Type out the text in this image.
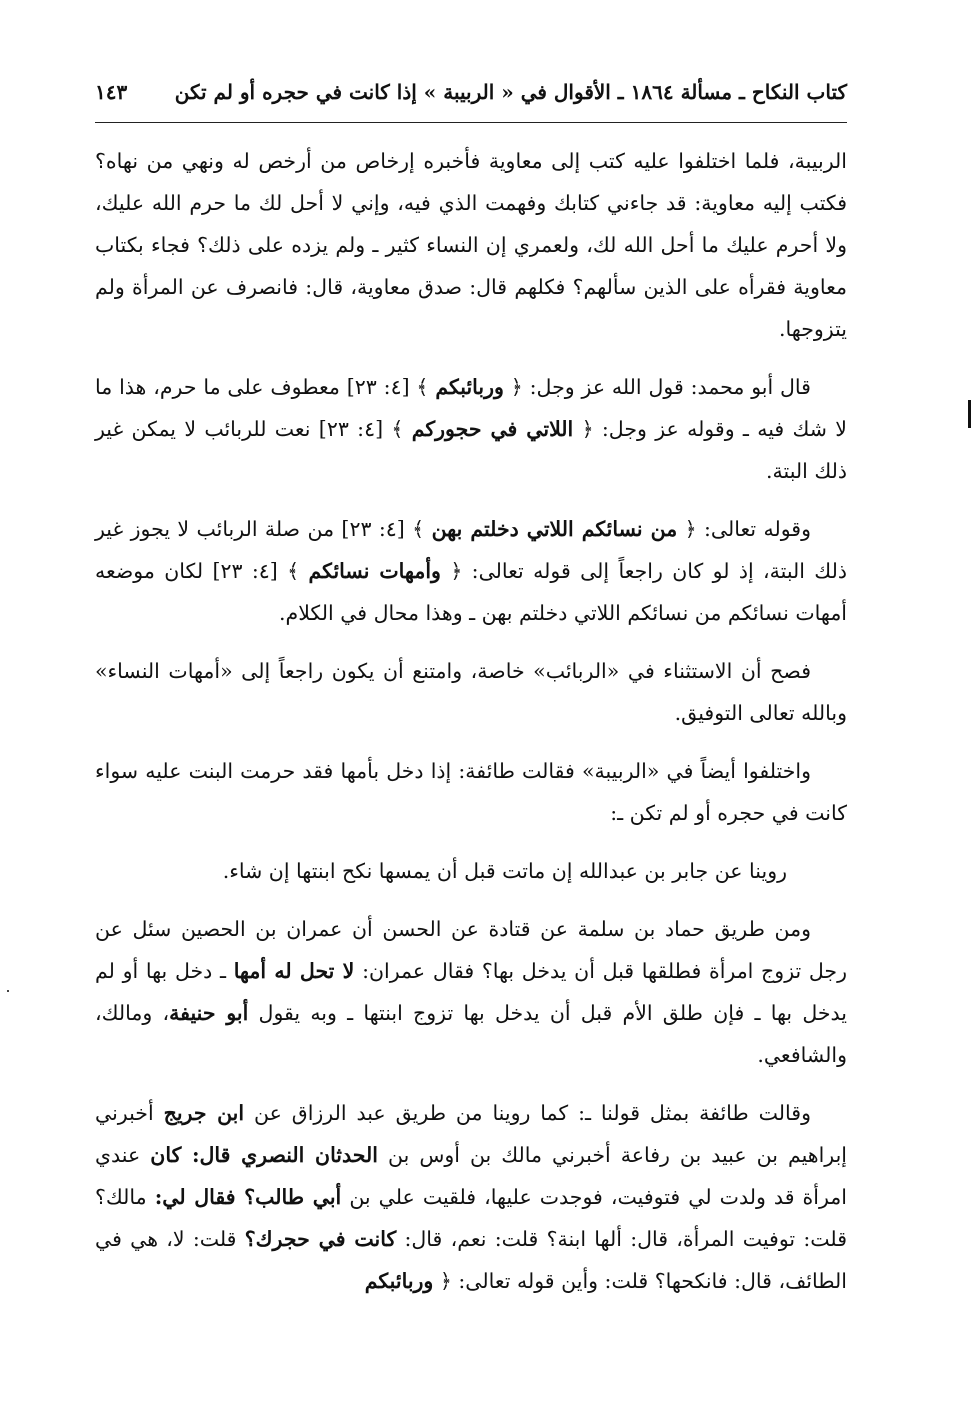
كتاب النكاح ـ مسألة ١٨٦٤ ـ الأقوال في « الربيبة » إذا كانت في حجره أو لم تكن
١٤٣

الربيبة، فلما اختلفوا عليه كتب إلى معاوية فأخبره إرخاص من أرخص له ونهي من نهاه؟ فكتب إليه معاوية: قد جاءني كتابك وفهمت الذي فيه، وإني لا أحل لك ما حرم الله عليك، ولا أحرم عليك ما أحل الله لك، ولعمري إن النساء كثير ـ ولم يزده على ذلك؟ فجاء بكتاب معاوية فقرأه على الذين سألهم؟ فكلهم قال: صدق معاوية، قال: فانصرف عن المرأة ولم يتزوجها.

قال أبو محمد: قول الله عز وجل: ﴿ وربائبكم ﴾ [٤: ٢٣] معطوف على ما حرم، هذا ما لا شك فيه ـ وقوله عز وجل: ﴿ اللاتي في حجوركم ﴾ [٤: ٢٣] نعت للربائب لا يمكن غير ذلك البتة.

وقوله تعالى: ﴿ من نسائكم اللاتي دخلتم بهن ﴾ [٤: ٢٣] من صلة الربائب لا يجوز غير ذلك البتة، إذ لو كان راجعاً إلى قوله تعالى: ﴿ وأمهات نسائكم ﴾ [٤: ٢٣] لكان موضعه أمهات نسائكم من نسائكم اللاتي دخلتم بهن ـ وهذا محال في الكلام.

فصح أن الاستثناء في «الربائب» خاصة، وامتنع أن يكون راجعاً إلى «أمهات النساء» وبالله تعالى التوفيق.

واختلفوا أيضاً في «الربيبة» فقالت طائفة: إذا دخل بأمها فقد حرمت البنت عليه سواء كانت في حجره أو لم تكن ـ:

روينا عن جابر بن عبدالله إن ماتت قبل أن يمسها نكح ابنتها إن شاء.

ومن طريق حماد بن سلمة عن قتادة عن الحسن أن عمران بن الحصين سئل عن رجل تزوج امرأة فطلقها قبل أن يدخل بها؟ فقال عمران: لا تحل له أمها ـ دخل بها أو لم يدخل بها ـ فإن طلق الأم قبل أن يدخل بها تزوج ابنتها ـ وبه يقول أبو حنيفة، ومالك، والشافعي.

وقالت طائفة بمثل قولنا ـ: كما روينا من طريق عبد الرزاق عن ابن جريج أخبرني إبراهيم بن عبيد بن رفاعة أخبرني مالك بن أوس بن الحدثان النصري قال: كان عندي امرأة قد ولدت لي فتوفيت، فوجدت عليها، فلقيت علي بن أبي طالب؟ فقال لي: مالك؟ قلت: توفيت المرأة، قال: ألها ابنة؟ قلت: نعم، قال: كانت في حجرك؟ قلت: لا، هي في الطائف، قال: فانكحها؟ قلت: وأين قوله تعالى: ﴿ وربائبكم
